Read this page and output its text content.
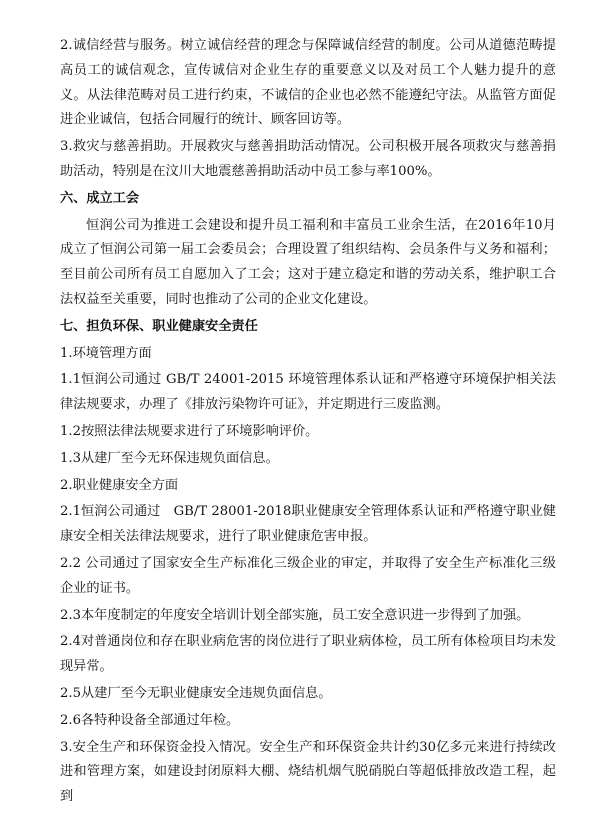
2.诚信经营与服务。树立诚信经营的理念与保障诚信经营的制度。公司从道德范畴提高员工的诚信观念，宣传诚信对企业生存的重要意义以及对员工个人魅力提升的意义。从法律范畴对员工进行约束，不诚信的企业也必然不能遵纪守法。从监管方面促进企业诚信，包括合同履行的统计、顾客回访等。

3.救灾与慈善捐助。开展救灾与慈善捐助活动情况。公司积极开展各项救灾与慈善捐助活动，特别是在汶川大地震慈善捐助活动中员工参与率100%。

六、成立工会

恒润公司为推进工会建设和提升员工福利和丰富员工业余生活，在2016年10月成立了恒润公司第一届工会委员会；合理设置了组织结构、会员条件与义务和福利；至目前公司所有员工自愿加入了工会；这对于建立稳定和谐的劳动关系，维护职工合法权益至关重要，同时也推动了公司的企业文化建设。

七、担负环保、职业健康安全责任

1.环境管理方面

1.1恒润公司通过 GB/T 24001-2015 环境管理体系认证和严格遵守环境保护相关法律法规要求，办理了《排放污染物许可证》，并定期进行三废监测。

1.2按照法律法规要求进行了环境影响评价。

1.3从建厂至今无环保违规负面信息。

2.职业健康安全方面

2.1恒润公司通过　GB/T 28001-2018职业健康安全管理体系认证和严格遵守职业健康安全相关法律法规要求，进行了职业健康危害申报。

2.2 公司通过了国家安全生产标准化三级企业的审定，并取得了安全生产标准化三级企业的证书。

2.3本年度制定的年度安全培训计划全部实施，员工安全意识进一步得到了加强。

2.4对普通岗位和存在职业病危害的岗位进行了职业病体检，员工所有体检项目均未发现异常。

2.5从建厂至今无职业健康安全违规负面信息。

2.6各特种设备全部通过年检。

3.安全生产和环保资金投入情况。安全生产和环保资金共计约30亿多元来进行持续改进和管理方案，如建设封闭原料大棚、烧结机烟气脱硝脱白等超低排放改造工程，起到
